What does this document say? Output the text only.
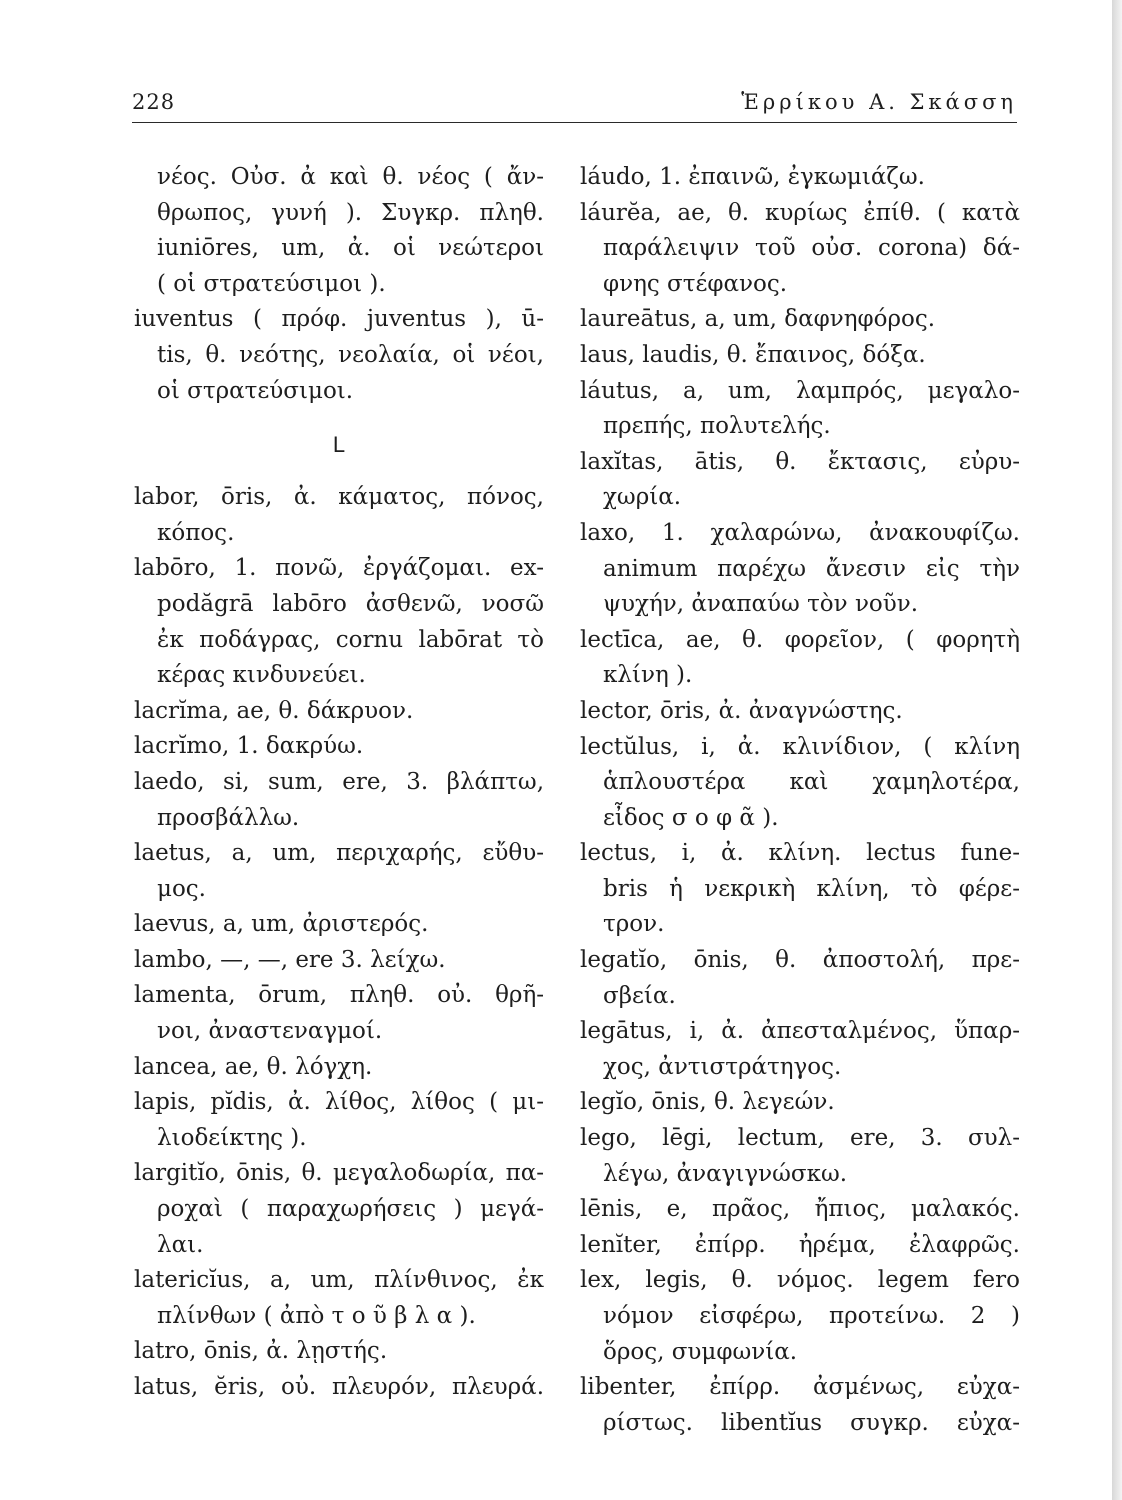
228	Ἑρρίκου Α. Σκάσση
νέος. Οὐσ. ἀ καὶ θ. νέος ( ἄν-
θρωπος, γυνή ). Συγκρ. πληθ.
iuniōres, um, ἀ. οἱ νεώτεροι
( οἱ στρατεύσιμοι ).
iuventus ( πρόφ. juventus ), ū-
tis, θ. νεότης, νεολαία, οἱ νέοι,
οἱ στρατεύσιμοι.
L
labor, ōris, ἀ. κάματος, πόνος,
κόπος.
labōro, 1. πονῶ, ἐργάζομαι. ex-
podăgrā labōro ἀσθενῶ, νοσῶ
ἐκ ποδάγρας, cornu labōrat τὸ
κέρας κινδυνεύει.
lacrĭma, ae, θ. δάκρυον.
lacrĭmo, 1. δακρύω.
laedo, si, sum, ere, 3. βλάπτω,
προσβάλλω.
laetus, a, um, περιχαρής, εὔθυ-
μος.
laevus, a, um, ἀριστερός.
lambo, —, —, ere 3. λείχω.
lamenta, ōrum, πληθ. οὐ. θρῆ-
νοι, ἀναστεναγμοί.
lancea, ae, θ. λόγχη.
lapis, pĭdis, ἀ. λίθος, λίθος ( μι-
λιοδείκτης ).
largitĭo, ōnis, θ. μεγαλοδωρία, πα-
ροχαὶ ( παραχωρήσεις ) μεγά-
λαι.
latericĭus, a, um, πλίνθινος, ἐκ
πλίνθων ( ἀπὸ τ ο ῦ β λ α ).
latro, ōnis, ἀ. λῃστής.
latus, ĕris, οὐ. πλευρόν, πλευρά.
láudo, 1. ἐπαινῶ, ἐγκωμιάζω.
láurĕa, ae, θ. κυρίως ἐπίθ. ( κατὰ
παράλειψιν τοῦ οὐσ. corona) δά-
φνης στέφανος.
laureātus, a, um, δαφνηφόρος.
laus, laudis, θ. ἔπαινος, δόξα.
láutus, a, um, λαμπρός, μεγαλο-
πρεπής, πολυτελής.
laxĭtas, ātis, θ. ἔκτασις, εὐρυ-
χωρία.
laxo, 1. χαλαρώνω, ἀνακουφίζω.
animum παρέχω ἄνεσιν εἰς τὴν
ψυχήν, ἀναπαύω τὸν νοῦν.
lectīca, ae, θ. φορεῖον, ( φορητὴ
κλίνη ).
lector, ōris, ἀ. ἀναγνώστης.
lectŭlus, i, ἀ. κλινίδιον, ( κλίνη
ἁπλουστέρα καὶ χαμηλοτέρα,
εἶδος σ ο φ ᾶ ).
lectus, i, ἀ. κλίνη. lectus fune-
bris ἡ νεκρικὴ κλίνη, τὸ φέρε-
τρον.
legatĭo, ōnis, θ. ἀποστολή, πρε-
σβεία.
legātus, i, ἀ. ἀπεσταλμένος, ὕπαρ-
χος, ἀντιστράτηγος.
legĭo, ōnis, θ. λεγεών.
lego, lēgi, lectum, ere, 3. συλ-
λέγω, ἀναγιγνώσκω.
lēnis, e, πρᾶος, ἤπιος, μαλακός.
lenĭter, ἐπίρρ. ἠρέμα, ἐλαφρῶς.
lex, legis, θ. νόμος. legem fero
νόμον εἰσφέρω, προτείνω. 2 )
ὅρος, συμφωνία.
libenter, ἐπίρρ. ἀσμένως, εὐχα-
ρίστως. libentĭus συγκρ. εὐχα-
